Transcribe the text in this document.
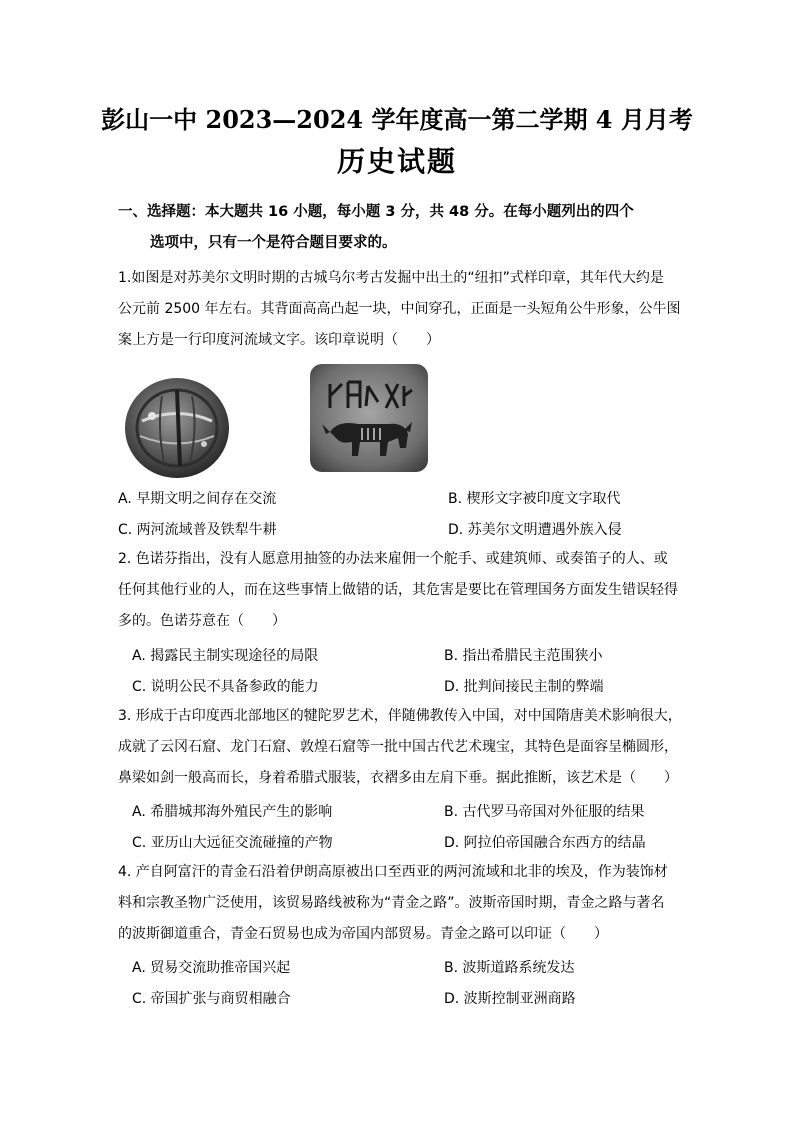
彭山一中 2023—2024 学年度高一第二学期 4 月月考
历史试题
一、选择题：本大题共 16 小题，每小题 3 分，共 48 分。在每小题列出的四个
选项中，只有一个是符合题目要求的。
1.如图是对苏美尔文明时期的古城乌尔考古发掘中出土的“纽扣”式样印章，其年代大约是
公元前 2500 年左右。其背面高高凸起一块，中间穿孔，正面是一头短角公牛形象，公牛图
案上方是一行印度河流域文字。该印章说明（　　）
A. 早期文明之间存在交流	B. 楔形文字被印度文字取代
C. 两河流域普及铁犁牛耕	D. 苏美尔文明遭遇外族入侵
2. 色诺芬指出，没有人愿意用抽签的办法来雇佣一个舵手、或建筑师、或奏笛子的人、或
任何其他行业的人，而在这些事情上做错的话，其危害是要比在管理国务方面发生错误轻得
多的。色诺芬意在（　　）
A. 揭露民主制实现途径的局限	B. 指出希腊民主范围狭小
C. 说明公民不具备参政的能力	D. 批判间接民主制的弊端
3. 形成于古印度西北部地区的犍陀罗艺术，伴随佛教传入中国，对中国隋唐美术影响很大，
成就了云冈石窟、龙门石窟、敦煌石窟等一批中国古代艺术瑰宝，其特色是面容呈椭圆形，
鼻梁如剑一般高而长，身着希腊式服装，衣褶多由左肩下垂。据此推断，该艺术是（　　）
A. 希腊城邦海外殖民产生的影响	B. 古代罗马帝国对外征服的结果
C. 亚历山大远征交流碰撞的产物	D. 阿拉伯帝国融合东西方的结晶
4. 产自阿富汗的青金石沿着伊朗高原被出口至西亚的两河流域和北非的埃及，作为装饰材
料和宗教圣物广泛使用，该贸易路线被称为“青金之路”。波斯帝国时期，青金之路与著名
的波斯御道重合，青金石贸易也成为帝国内部贸易。青金之路可以印证（　　）
A. 贸易交流助推帝国兴起	B. 波斯道路系统发达
C. 帝国扩张与商贸相融合	D. 波斯控制亚洲商路
